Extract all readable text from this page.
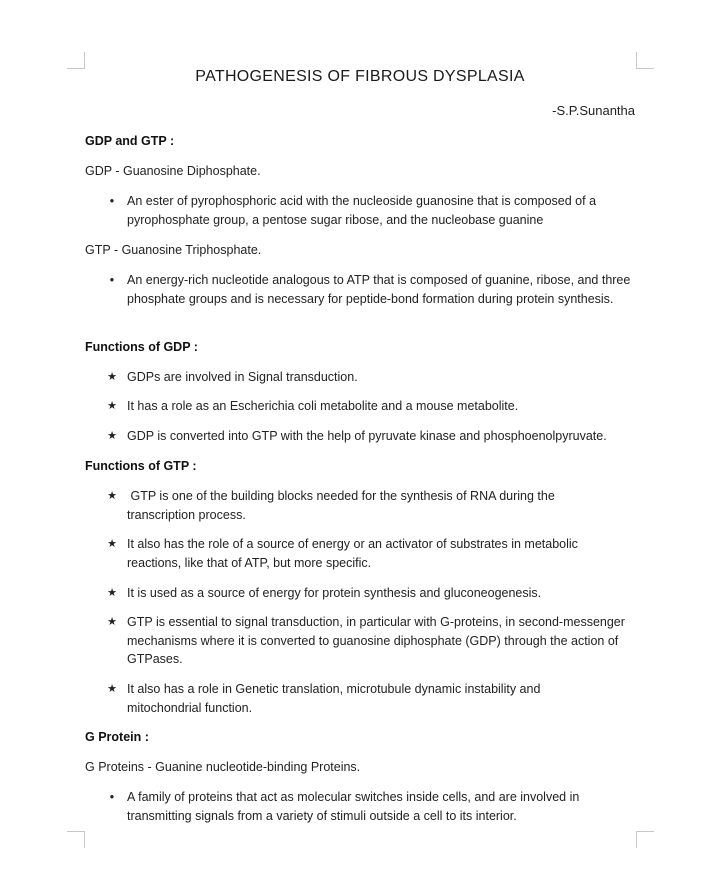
PATHOGENESIS OF FIBROUS DYSPLASIA
-S.P.Sunantha
GDP and GTP :
GDP - Guanosine Diphosphate.
•	An ester of pyrophosphoric acid with the nucleoside guanosine that is composed of a pyrophosphate group, a pentose sugar ribose, and the nucleobase guanine
GTP - Guanosine Triphosphate.
•	An energy-rich nucleotide analogous to ATP that is composed of guanine, ribose, and three phosphate groups and is necessary for peptide-bond formation during protein synthesis.
Functions of GDP :
★ GDPs are involved in Signal transduction.
★ It has a role as an Escherichia coli metabolite and a mouse metabolite.
★ GDP is converted into GTP with the help of pyruvate kinase and phosphoenolpyruvate.
Functions of GTP :
★ GTP is one of the building blocks needed for the synthesis of RNA during the transcription process.
★ It also has the role of a source of energy or an activator of substrates in metabolic reactions, like that of ATP, but more specific.
★ It is used as a source of energy for protein synthesis and gluconeogenesis.
★ GTP is essential to signal transduction, in particular with G-proteins, in second-messenger mechanisms where it is converted to guanosine diphosphate (GDP) through the action of GTPases.
★ It also has a role in Genetic translation, microtubule dynamic instability and mitochondrial function.
G Protein :
G Proteins - Guanine nucleotide-binding Proteins.
•	A family of proteins that act as molecular switches inside cells, and are involved in transmitting signals from a variety of stimuli outside a cell to its interior.
